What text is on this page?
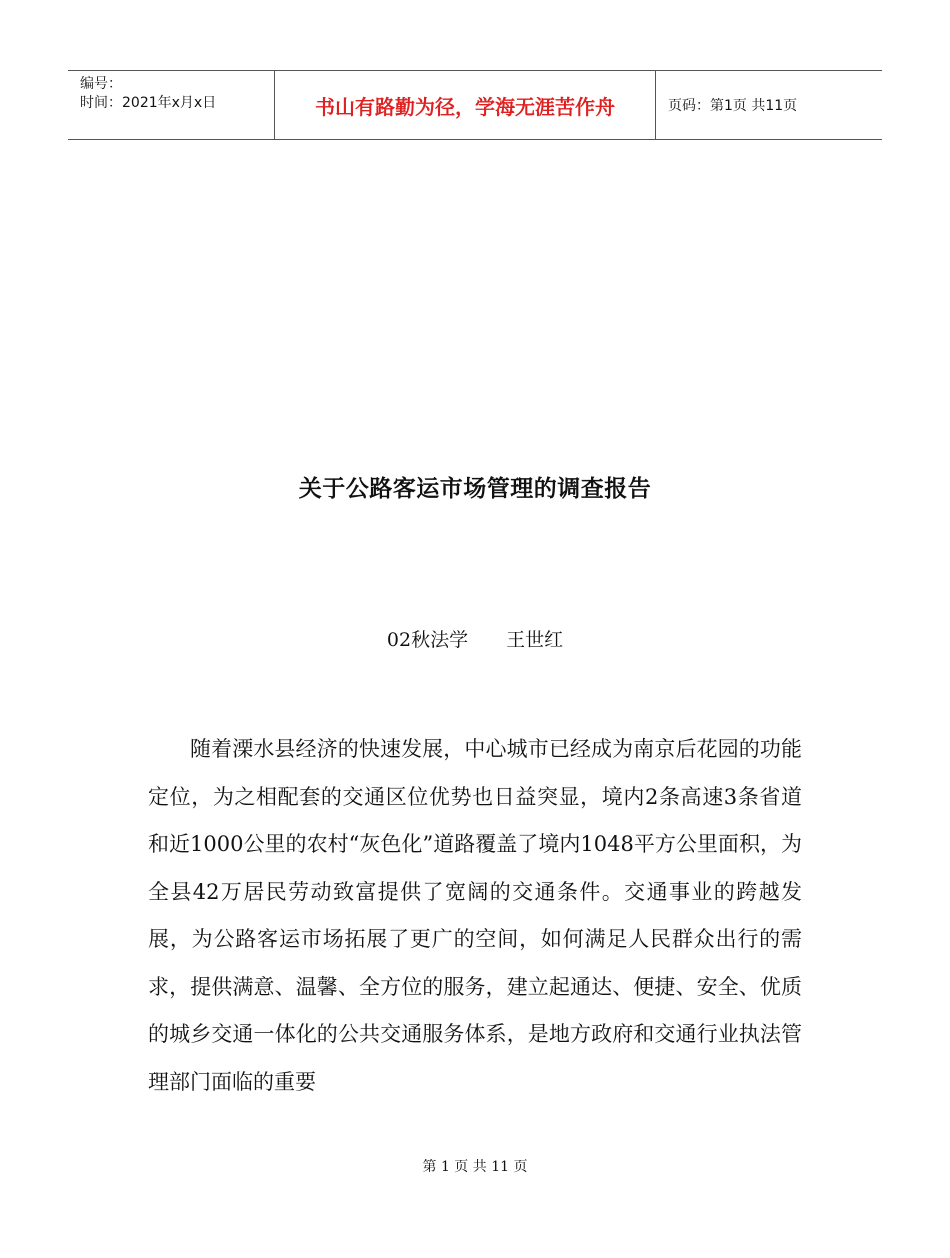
编号：
时间：2021年x月x日	书山有路勤为径，学海无涯苦作舟	页码：第1页 共11页
关于公路客运市场管理的调查报告
02秋法学 王世红

随着溧水县经济的快速发展，中心城市已经成为南京后花园的功能定位，为之相配套的交通区位优势也日益突显，境内2条高速3条省道和近1000公里的农村“灰色化”道路覆盖了境内1048平方公里面积，为全县42万居民劳动致富提供了宽阔的交通条件。交通事业的跨越发展，为公路客运市场拓展了更广的空间，如何满足人民群众出行的需求，提供满意、温馨、全方位的服务，建立起通达、便捷、安全、优质的城乡交通一体化的公共交通服务体系，是地方政府和交通行业执法管理部门面临的重要

第 1 页 共 11 页
